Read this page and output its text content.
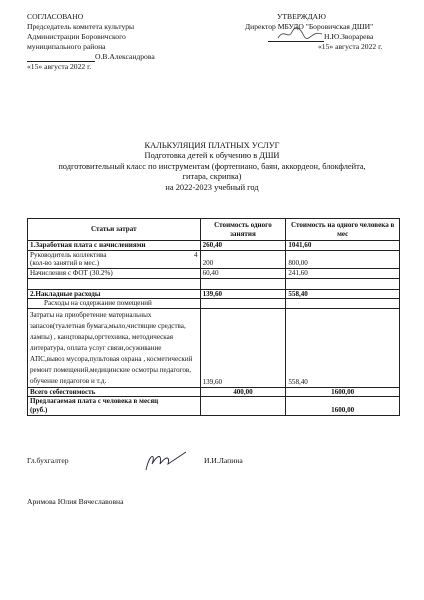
СОГЛАСОВАНО
Председатель комитета культуры
Администрации Боровичского
муниципального района
О.В.Александрова
«15» августа 2022 г.
УТВЕРЖДАЮ
Директор МБУДО "Боровичская ДШИ"
Н.Ю.Зворарева
«15» августа 2022 г.
КАЛЬКУЛЯЦИЯ ПЛАТНЫХ УСЛУГ
Подготовка детей к обучению в ДШИ
подготовительный класс по инструментам (фортепиано, баян, аккордеон, блокфлейта,
гитара, скрипка)
на 2022-2023 учебный год
Статьи затрат	Стоимость одного занятия	Стоимость на одного человека в мес
1.Заработная плата с начислениями	260,40	1041,60

Руководитель коллектива 4
(кол-во занятий в мес.)	200	800,00
Начисления с ФОТ (30.2%)	60,40	241,60

2.Накладные расходы	139,60	558,40
Расходы на содержание помещений		
Затраты на приобретение материальных запасов(туалетная бумага,мыло,чистящие средства, лампы) , канцтовары,оргтехника, методическая литература, оплата услуг связи,осуживание АПС,вывоз мусора,пультовая охрана , косметический ремонт помещений,медицинские осмотры педагогов, обучение педагогов и т.д.	139,60	558,40
Всего себестоимость	400,00	1600,00

Предлагаемая плата с человека в месяц
(руб.)		1600,00
Гл.бухгалтер	И.И.Лапина
Аримова Юлия Вячеславовна
